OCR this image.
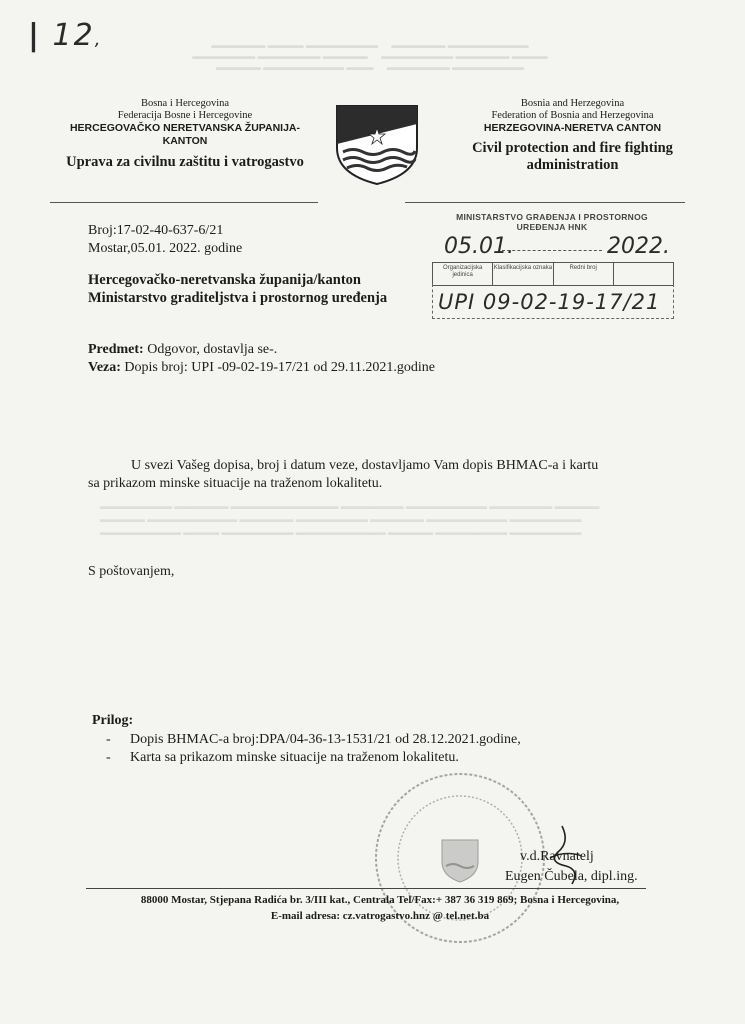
▬▬▬▬▬▬ ▬▬▬▬ ▬▬▬▬▬▬▬▬      ▬▬▬▬▬▬ ▬▬▬▬▬▬▬▬▬
▬▬▬▬▬▬▬ ▬▬▬▬▬▬▬ ▬▬▬▬▬      ▬▬▬▬▬▬▬▬ ▬▬▬▬▬▬ ▬▬▬▬
▬▬▬▬▬ ▬▬▬▬▬▬▬▬▬ ▬▬▬      ▬▬▬▬▬▬▬ ▬▬▬▬▬▬▬▬
| 12,
Bosna i Hercegovina
Federacija Bosne i Hercegovine
HERCEGOVAČKO NERETVANSKA ŽUPANIJA-
KANTON
Uprava za civilnu zaštitu i vatrogastvo
Bosnia and Herzegovina
Federation of Bosnia and Herzegovina
HERZEGOVINA-NERETVA CANTON
Civil protection and fire fighting
administration
Broj:17-02-40-637-6/21
Mostar,05.01. 2022. godine
MINISTARSTVO GRAĐENJA I PROSTORNOG
UREĐENJA HNK
05.01.	2022.
Organizacijska jedinica
Klasifikacijska oznaka	Redni broj
UPI 09-02-19-17/21
Hercegovačko-neretvanska županija/kanton
Ministarstvo graditeljstva i prostornog uređenja
Predmet: Odgovor, dostavlja se-.
Veza: Dopis broj: UPI -09-02-19-17/21 od 29.11.2021.godine
U svezi Vašeg dopisa, broj i datum veze, dostavljamo Vam dopis BHMAC-a i kartu
sa prikazom minske situacije na traženom lokalitetu.
▬▬▬▬▬▬▬▬ ▬▬▬▬▬▬ ▬▬▬▬▬▬▬▬▬▬▬▬ ▬▬▬▬▬▬▬ ▬▬▬▬▬▬▬▬▬ ▬▬▬▬▬▬▬ ▬▬▬▬▬
▬▬▬▬▬ ▬▬▬▬▬▬▬▬▬▬ ▬▬▬▬▬▬ ▬▬▬▬▬▬▬▬ ▬▬▬▬▬▬ ▬▬▬▬▬▬▬▬▬ ▬▬▬▬▬▬▬▬
▬▬▬▬▬▬▬▬▬ ▬▬▬▬ ▬▬▬▬▬▬▬▬ ▬▬▬▬▬▬▬▬▬▬ ▬▬▬▬▬ ▬▬▬▬▬▬▬▬ ▬▬▬▬▬▬▬▬
S poštovanjem,
Prilog:
- Dopis BHMAC-a broj:DPA/04-36-13-1531/21 od 28.12.2021.godine,
- Karta sa prikazom minske situacije na traženom lokalitetu.
v.d.Ravnatelj
Eugen Čubela, dipl.ing.
88000 Mostar, Stjepana Radića br. 3/III kat., Centrala Tel/Fax:+ 387 36 319 869; Bosna i Hercegovina,
E-mail adresa: cz.vatrogastvo.hnz @ tel.net.ba
